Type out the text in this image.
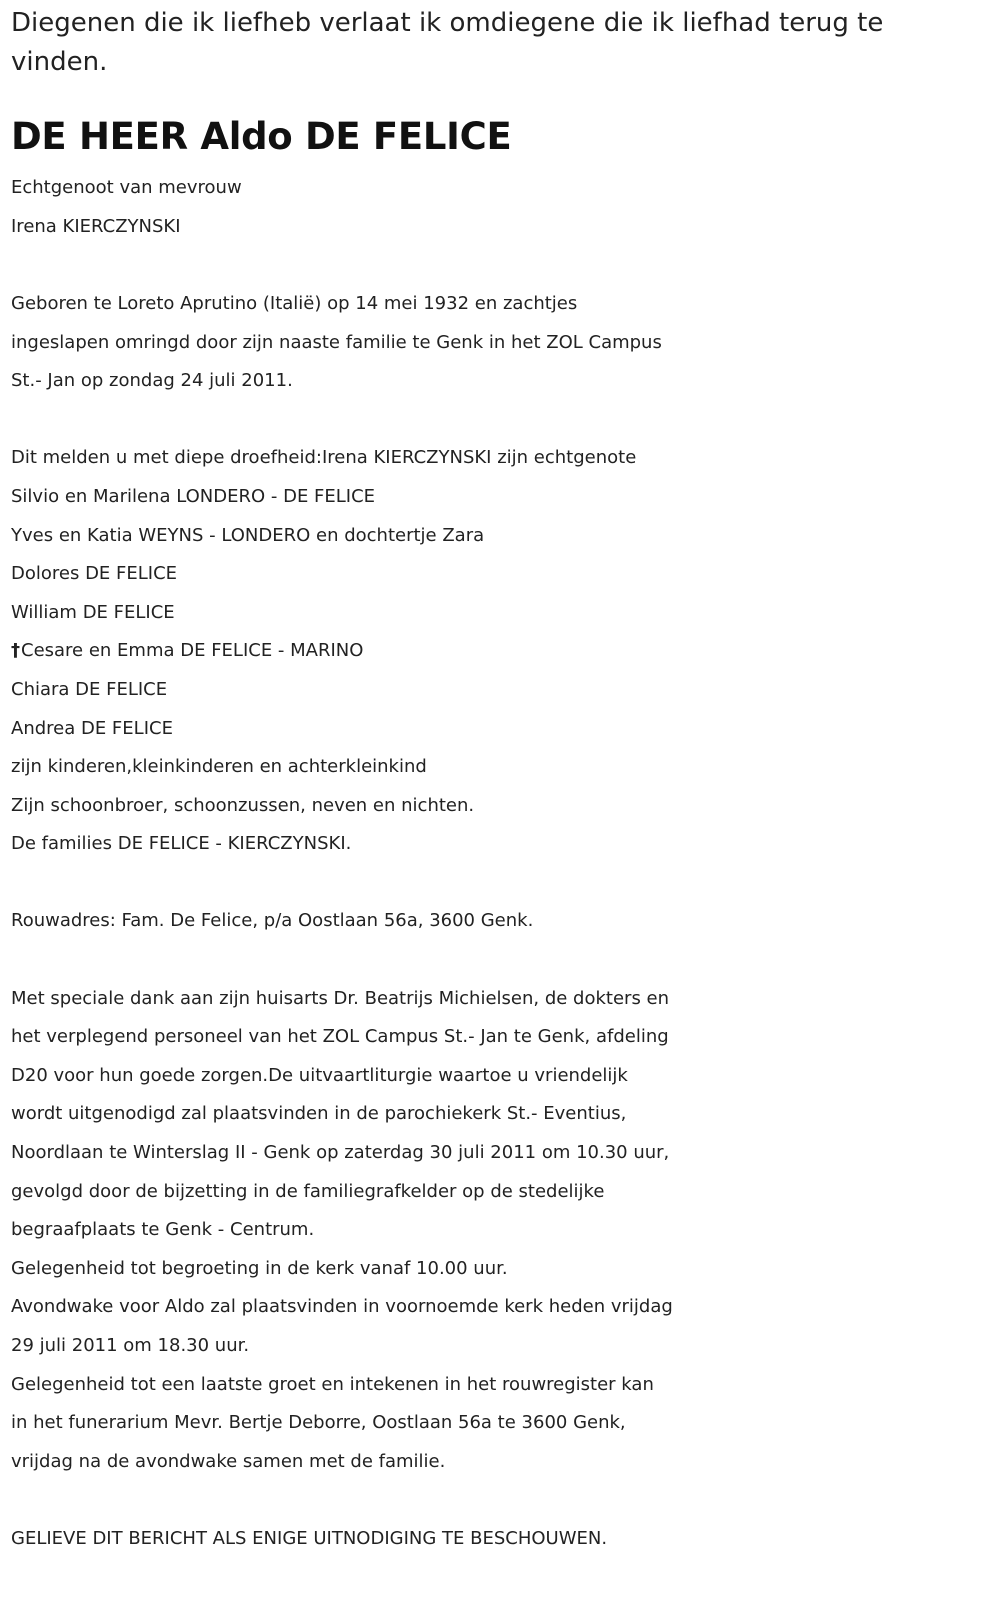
Diegenen die ik liefheb verlaat ik omdiegene die ik liefhad terug te vinden.

DE HEER Aldo DE FELICE

Echtgenoot van mevrouw

Irena KIERCZYNSKI

Geboren te Loreto Aprutino (Italië) op 14 mei 1932 en zachtjes

ingeslapen omringd door zijn naaste familie te Genk in het ZOL Campus

St.- Jan op zondag 24 juli 2011.

Dit melden u met diepe droefheid:Irena KIERCZYNSKI zijn echtgenote

Silvio en Marilena LONDERO - DE FELICE

Yves en Katia WEYNS - LONDERO en dochtertje Zara

Dolores DE FELICE

William DE FELICE

†Cesare en Emma DE FELICE - MARINO

Chiara DE FELICE

Andrea DE FELICE

zijn kinderen,kleinkinderen en achterkleinkind

Zijn schoonbroer, schoonzussen, neven en nichten.

De families DE FELICE - KIERCZYNSKI.

Rouwadres: Fam. De Felice, p/a Oostlaan 56a, 3600 Genk.

Met speciale dank aan zijn huisarts Dr. Beatrijs Michielsen, de dokters en

het verplegend personeel van het ZOL Campus St.- Jan te Genk, afdeling

D20 voor hun goede zorgen.De uitvaartliturgie waartoe u vriendelijk

wordt uitgenodigd zal plaatsvinden in de parochiekerk St.- Eventius,

Noordlaan te Winterslag II - Genk op zaterdag 30 juli 2011 om 10.30 uur,

gevolgd door de bijzetting in de familiegrafkelder op de stedelijke

begraafplaats te Genk - Centrum.

Gelegenheid tot begroeting in de kerk vanaf 10.00 uur.

Avondwake voor Aldo zal plaatsvinden in voornoemde kerk heden vrijdag

29 juli 2011 om 18.30 uur.

Gelegenheid tot een laatste groet en intekenen in het rouwregister kan

in het funerarium Mevr. Bertje Deborre, Oostlaan 56a te 3600 Genk,

vrijdag na de avondwake samen met de familie.

GELIEVE DIT BERICHT ALS ENIGE UITNODIGING TE BESCHOUWEN.
